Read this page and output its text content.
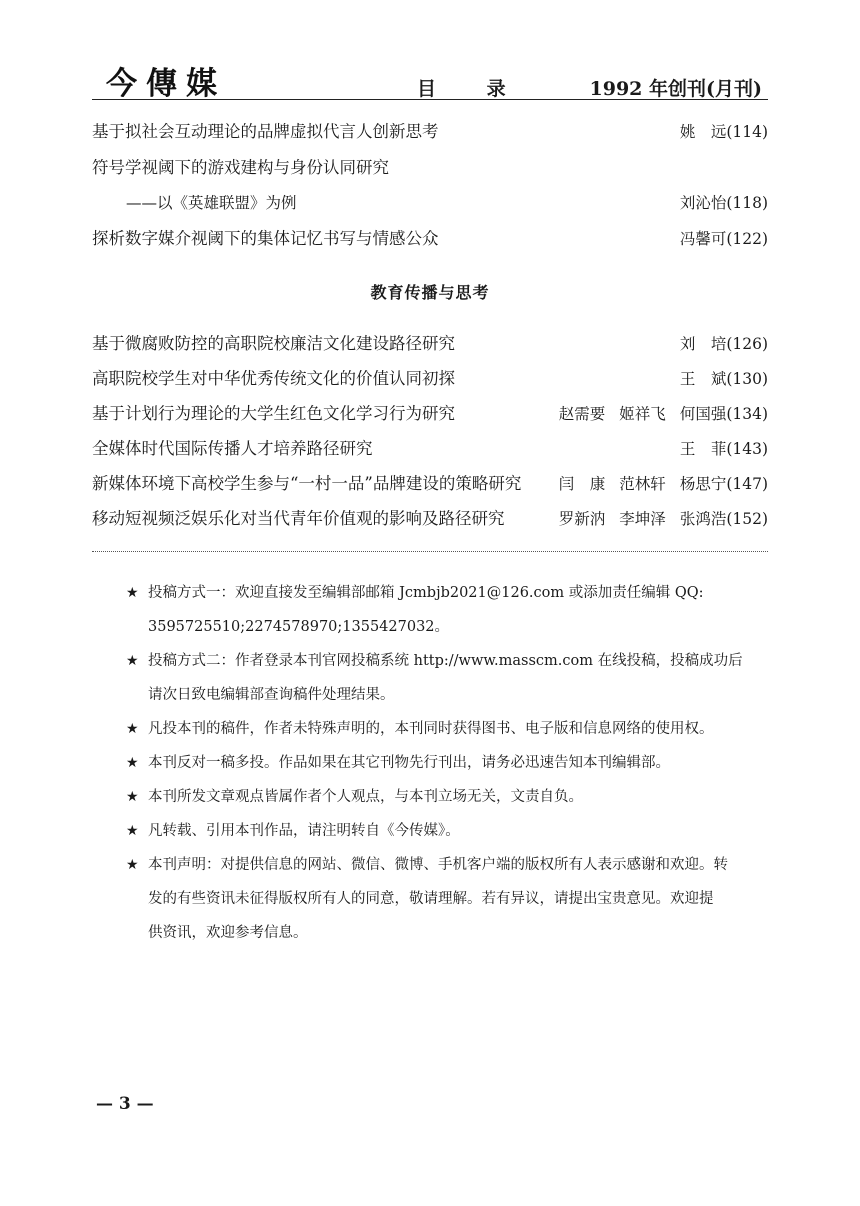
今傳媒	目 录	1992 年创刊(月刊)
教育传播与思考
★ 投稿方式一：欢迎直接发至编辑部邮箱 Jcmbjb2021@126.com 或添加责任编辑 QQ:
3595725510;2274578970;1355427032。
★ 投稿方式二：作者登录本刊官网投稿系统 http://www.masscm.com 在线投稿，投稿成功后
请次日致电编辑部查询稿件处理结果。
★ 凡投本刊的稿件，作者未特殊声明的，本刊同时获得图书、电子版和信息网络的使用权。
★ 本刊反对一稿多投。作品如果在其它刊物先行刊出，请务必迅速告知本刊编辑部。
★ 本刊所发文章观点皆属作者个人观点，与本刊立场无关，文责自负。
★ 凡转载、引用本刊作品，请注明转自《今传媒》。
★ 本刊声明：对提供信息的网站、微信、微博、手机客户端的版权所有人表示感谢和欢迎。转
发的有些资讯未征得版权所有人的同意，敬请理解。若有异议，请提出宝贵意见。欢迎提
供资讯，欢迎参考信息。
— 3 —
基于拟社会互动理论的品牌虚拟代言人创新思考	姚　远(114)
符号学视阈下的游戏建构与身份认同研究
——以《英雄联盟》为例	刘沁怡(118)
探析数字媒介视阈下的集体记忆书写与情感公众	冯馨可(122)
基于微腐败防控的高职院校廉洁文化建设路径研究	刘　培(126)
高职院校学生对中华优秀传统文化的价值认同初探	王　斌(130)
基于计划行为理论的大学生红色文化学习行为研究	赵需要 姬祥飞 何国强(134)
全媒体时代国际传播人才培养路径研究	王　菲(143)
新媒体环境下高校学生参与“一村一品”品牌建设的策略研究	闫　康 范林轩 杨思宁(147)
移动短视频泛娱乐化对当代青年价值观的影响及路径研究	罗新汭 李坤泽 张鸿浩(152)
